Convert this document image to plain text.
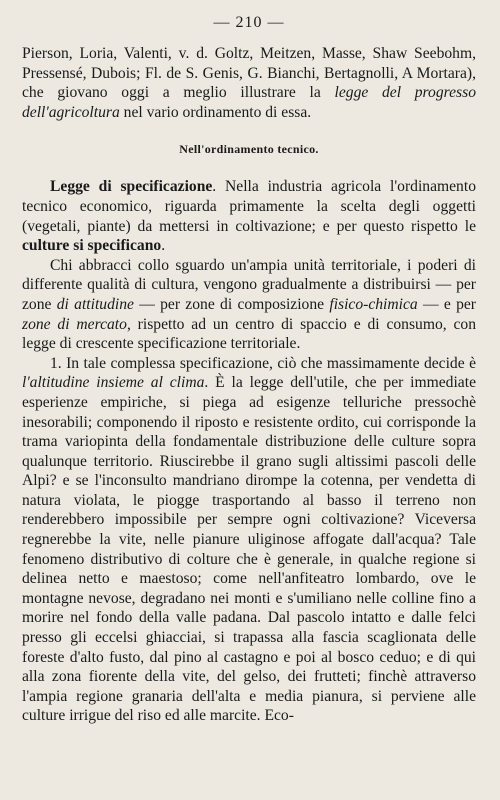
— 210 —

Pierson, Loria, Valenti, v. d. Goltz, Meitzen, Masse, Shaw Seebohm, Pressensé, Dubois; Fl. de S. Genis, G. Bianchi, Bertagnolli, A Mortara), che giovano oggi a meglio illustrare la legge del progresso dell'agricoltura nel vario ordinamento di essa.

Nell'ordinamento tecnico.

Legge di specificazione. Nella industria agricola l'ordinamento tecnico economico, riguarda primamente la scelta degli oggetti (vegetali, piante) da mettersi in coltivazione; e per questo rispetto le culture si specificano.

Chi abbracci collo sguardo un'ampia unità territoriale, i poderi di differente qualità di cultura, vengono gradualmente a distribuirsi — per zone di attitudine — per zone di composizione fisico-chimica — e per zone di mercato, rispetto ad un centro di spaccio e di consumo, con legge di crescente specificazione territoriale.

1. In tale complessa specificazione, ciò che massimamente decide è l'altitudine insieme al clima. È la legge dell'utile, che per immediate esperienze empiriche, si piega ad esigenze telluriche pressochè inesorabili; componendo il riposto e resistente ordito, cui corrisponde la trama variopinta della fondamentale distribuzione delle culture sopra qualunque territorio. Riuscirebbe il grano sugli altissimi pascoli delle Alpi? e se l'inconsulto mandriano dirompe la cotenna, per vendetta di natura violata, le piogge trasportando al basso il terreno non renderebbero impossibile per sempre ogni coltivazione? Viceversa regnerebbe la vite, nelle pianure uliginose affogate dall'acqua? Tale fenomeno distributivo di colture che è generale, in qualche regione si delinea netto e maestoso; come nell'anfiteatro lombardo, ove le montagne nevose, degradano nei monti e s'umiliano nelle colline fino a morire nel fondo della valle padana. Dal pascolo intatto e dalle felci presso gli eccelsi ghiacciai, si trapassa alla fascia scaglionata delle foreste d'alto fusto, dal pino al castagno e poi al bosco ceduo; e di qui alla zona fiorente della vite, del gelso, dei frutteti; finchè attraverso l'ampia regione granaria dell'alta e media pianura, si perviene alle culture irrigue del riso ed alle marcite. Eco-
